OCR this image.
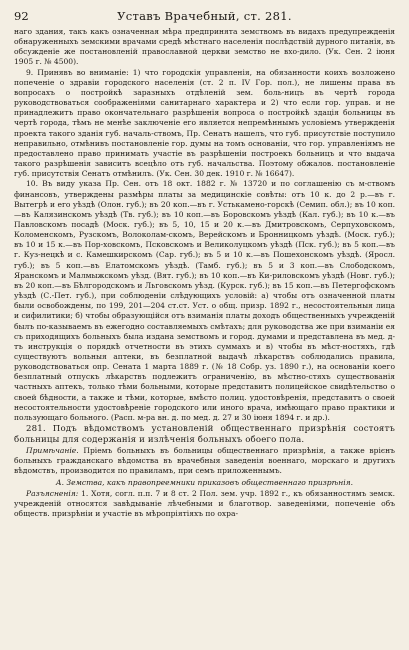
92	Уставъ Врачебный, ст. 281.

наго здания, такъ какъ означенная мѣра предпринята земствомъ въ видахъ предупрежденія обнаруженныхъ земскими врачами средѣ мѣстнаго населенія послѣдствій дурного питанія, въ обсужденіе же постановленій православной церкви земство не вхо-дило. (Ук. Сен. 2 іюня 1905 г. № 4500).

9. Принявъ во вниманіе: 1) что городскія управленія, на обязанности коихъ возложено попеченіе о здравіи городского населенія (ст. 2 п. IV Гор. пол.), не лишены права въ вопросахъ о постройкѣ заразныхъ отдѣленій зем. боль-ницъ въ чертѣ города руководствоваться соображеніями санитарнаго характера и 2) что если гор. управ. и не принадлежитъ право окончательнаго разрѣшенія вопроса о постройкѣ здація больницы въ чертѣ города, тѣмъ не менѣе заключеніе его является непремѣннымъ условіемъ утвержденія проекта такого зданія губ. началь-ствомъ, Пр. Сенатъ нашелъ, что губ. присутствіе поступило неправильно, отмѣнивъ постановленіе гор. думы на томъ основаніи, что гор. управленіямъ не предоставлено право принимать участіе въ разрѣшеніи построекъ больницъ и что выдача такого разрѣшенія зависитъ всецѣло отъ губ. начальства. Поэтому обжалов. постановленіе губ. присутствія Сенатъ отмѣнилъ. (Ук. Сен. 30 дек. 1910 г. № 16647).

10. Въ виду указа Пр. Сен. отъ 18 окт. 1882 г. № 13720 и по соглашенію съ м-ствомъ финансовъ, утверждены размѣры платы за медицинскіе совѣты: отъ 10 к. до 2 р.—въ г. Вытегрѣ и его уѣздѣ (Олон. губ.); въ 20 коп.—въ г. Устькамено-горскѣ (Семип. обл.); въ 10 коп.—въ Калязинскомъ уѣздѣ (Тв. губ.); въ 10 коп.—въ Боровскомъ уѣздѣ (Кал. губ.); въ 10 к.—въ Павловскомъ посадѣ (Моск. губ.); въ 5, 10, 15 и 20 к.—въ Дмитровскомъ, Серпуховскомъ, Коломенскомъ, Рузскомъ, Волоколам-скомъ, Верейскомъ и Бронницкомъ уѣздѣ. (Моск. губ.); въ 10 и 15 к.—въ Пор-ховскомъ, Псковскомъ и Великолуцкомъ уѣздѣ (Пск. губ.); въ 5 коп.—въ г. Куз-нецкѣ и с. Камешкирскомъ (Сар. губ.); въ 5 и 10 к.—въ Пошехонскомъ уѣздѣ. (Яросл. губ.); въ 5 коп.—въ Елатомскомъ уѣздѣ. (Тамб. губ.); въ 5 и 3 коп.—въ Слободскомъ, Яранскомъ и Малмыжскомъ уѣзд. (Вят. губ.); въ 10 коп.—въ Ки-риловскомъ уѣздѣ (Новг. губ.); въ 20 коп.—въ Бѣлгородскомъ и Льговскомъ уѣзд. (Курск. губ.); въ 15 коп.—въ Петергофскомъ уѣздѣ (С.-Пет. губ.), при соблюденіи слѣдующихъ условій: а) чтобы отъ означенной платы были освобождены, по 199, 201—204 ст.ст. Уст. о общ. призр. 1892 г., несостоятельныя лица и сифилитики; б) чтобы образующійся отъ взиманія платы доходъ общественныхъ учрежденій былъ по-казываемъ въ ежегодно составляемыхъ смѣтахъ; для руководства же при взиманіи ея съ приходящихъ больныхъ была издана земствомъ и город. думами и представлена въ мед. д-тъ инструкція о порядкѣ отчетности въ этихъ суммахъ и в) чтобы въ мѣст-ностяхъ, гдѣ существуютъ вольныя аптеки, въ безплатной выдачѣ лѣкарствъ соблюдались правила, руководствоваться опр. Сената 1 марта 1889 г. (№ 18 Собр. уз. 1890 г.), на основаніи коего безплатный отпускъ лѣкарствъ подлежитъ ограниченію, въ мѣстно-стяхъ существованія частныхъ аптекъ, только тѣми больными, которые представитъ полицейское свидѣтельство о своей бѣдности, а также и тѣми, которые, вмѣсто полиц. удостовѣренія, представятъ о своей несостоятельности удостовѣреніе городского или иного врача, имѣющаго право практики и пользующаго больного. (Расп. м-ра вн. д. по мед. д. 27 и 30 іюня 1894 г. и др.).

281. Подъ вѣдомствомъ установленій общественнаго призрѣнія состоятъ больницы для содержанія и излѣченія больныхъ обоего пола.

Примѣчаніе. Пріемъ больныхъ въ больницы общественнаго призрѣнія, а также врієнъ больныхъ гражданскаго вѣдомства въ врачебныя заведенія военнаго, морскаго и другихъ вѣдомствъ, производится по правиламъ, при семъ приложеннымъ.

А. Земства, какъ правопреемники приказовъ общественнаго призрѣнія.

Разъясненія: 1. Хотя, согл. п.п. 7 и 8 ст. 2 Пол. зем. учр. 1892 г., къ обязанностямъ земск. учрежденій относятся завѣдываніе лѣчебными и благотвор. заведеніями, попеченіе объ обществ. призрѣніи и участіе въ мѣропріятіяхъ по охра-
